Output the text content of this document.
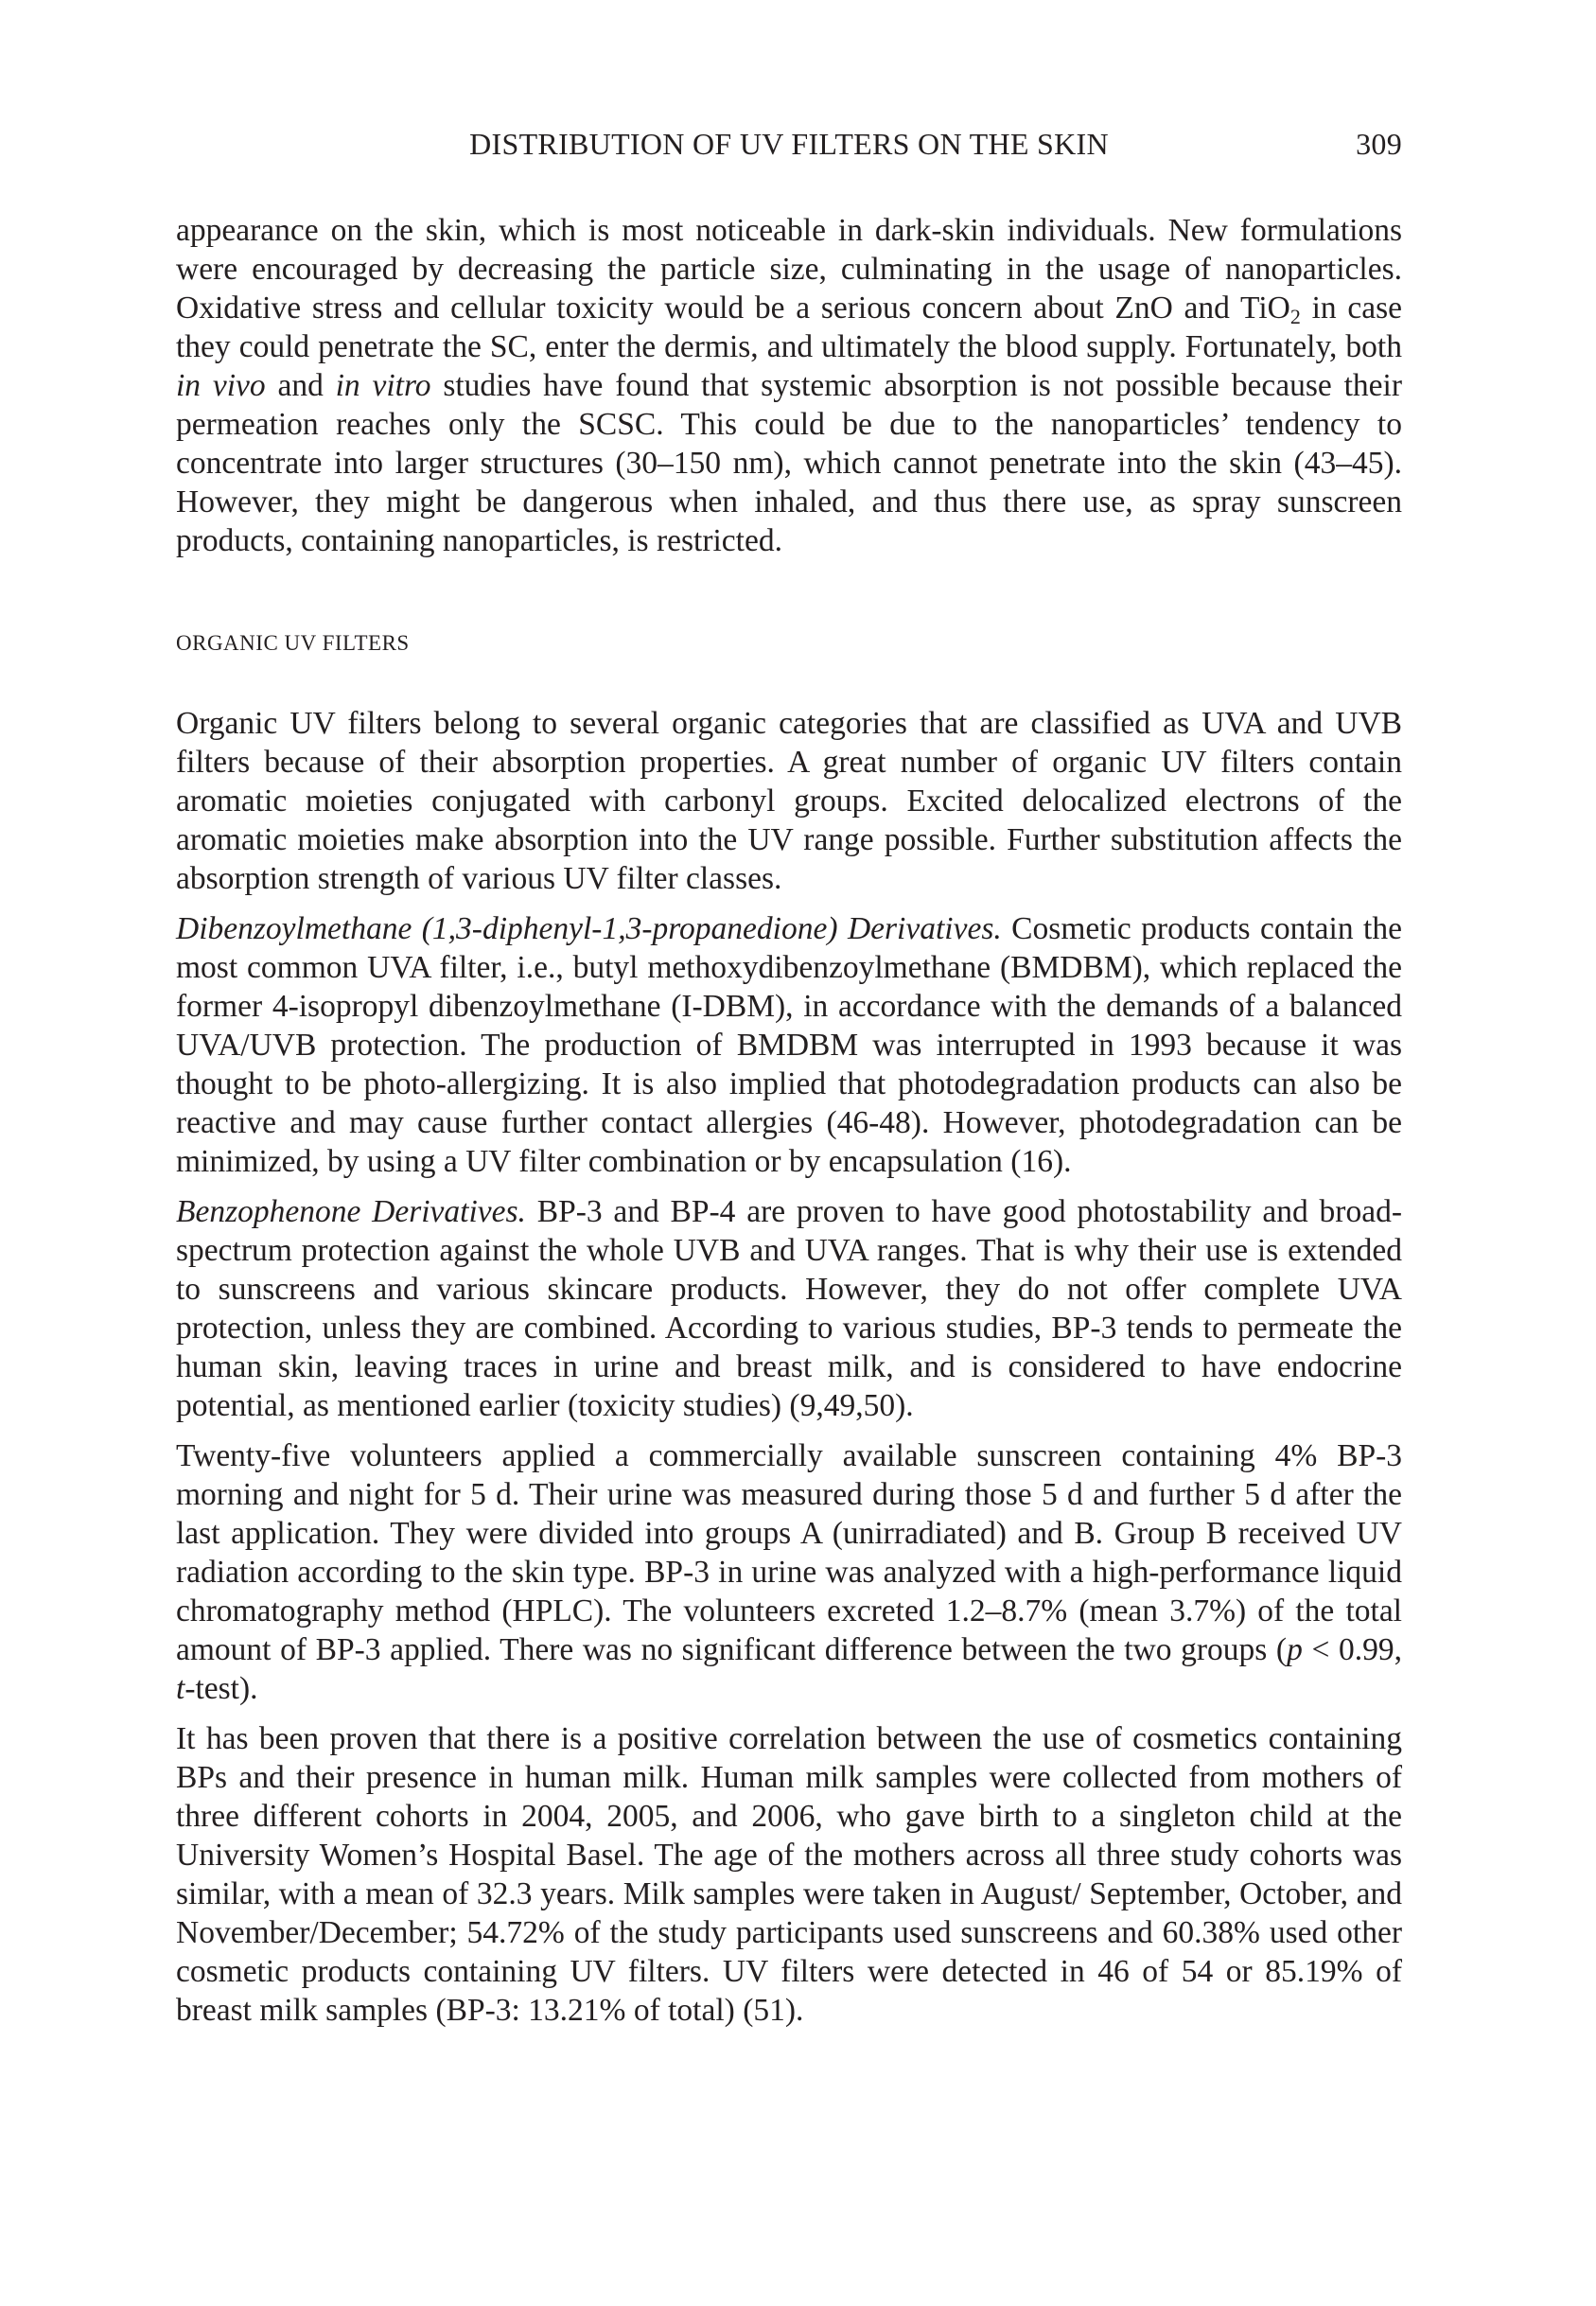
DISTRIBUTION OF UV FILTERS ON THE SKIN	309

appearance on the skin, which is most noticeable in dark-skin individuals. New formulations were encouraged by decreasing the particle size, culminating in the usage of nanoparticles. Oxidative stress and cellular toxicity would be a serious concern about ZnO and TiO$_2$ in case they could penetrate the SC, enter the dermis, and ultimately the blood supply. Fortunately, both in vivo and in vitro studies have found that systemic absorption is not possible because their permeation reaches only the SCSC. This could be due to the nanoparticles’ tendency to concentrate into larger structures (30–150 nm), which cannot penetrate into the skin (43–45). However, they might be dangerous when inhaled, and thus there use, as spray sunscreen products, containing nanoparticles, is restricted.

ORGANIC UV FILTERS

Organic UV filters belong to several organic categories that are classified as UVA and UVB filters because of their absorption properties. A great number of organic UV filters contain aromatic moieties conjugated with carbonyl groups. Excited delocalized electrons of the aromatic moieties make absorption into the UV range possible. Further substitution affects the absorption strength of various UV filter classes.

Dibenzoylmethane (1,3-diphenyl-1,3-propanedione) Derivatives. Cosmetic products contain the most common UVA filter, i.e., butyl methoxydibenzoylmethane (BMDBM), which replaced the former 4-isopropyl dibenzoylmethane (I-DBM), in accordance with the demands of a balanced UVA/UVB protection. The production of BMDBM was interrupted in 1993 because it was thought to be photo-allergizing. It is also implied that photodegradation products can also be reactive and may cause further contact allergies (46-48). However, photodegradation can be minimized, by using a UV filter combination or by encapsulation (16).

Benzophenone Derivatives. BP-3 and BP-4 are proven to have good photostability and broad-spectrum protection against the whole UVB and UVA ranges. That is why their use is extended to sunscreens and various skincare products. However, they do not offer complete UVA protection, unless they are combined. According to various studies, BP-3 tends to permeate the human skin, leaving traces in urine and breast milk, and is considered to have endocrine potential, as mentioned earlier (toxicity studies) (9,49,50).

Twenty-five volunteers applied a commercially available sunscreen containing 4% BP-3 morning and night for 5 d. Their urine was measured during those 5 d and further 5 d after the last application. They were divided into groups A (unirradiated) and B. Group B received UV radiation according to the skin type. BP-3 in urine was analyzed with a high-performance liquid chromatography method (HPLC). The volunteers excreted 1.2–8.7% (mean 3.7%) of the total amount of BP-3 applied. There was no significant difference between the two groups (p < 0.99, t-test).

It has been proven that there is a positive correlation between the use of cosmetics containing BPs and their presence in human milk. Human milk samples were collected from mothers of three different cohorts in 2004, 2005, and 2006, who gave birth to a singleton child at the University Women’s Hospital Basel. The age of the mothers across all three study cohorts was similar, with a mean of 32.3 years. Milk samples were taken in August/ September, October, and November/December; 54.72% of the study participants used sunscreens and 60.38% used other cosmetic products containing UV filters. UV filters were detected in 46 of 54 or 85.19% of breast milk samples (BP-3: 13.21% of total) (51).
